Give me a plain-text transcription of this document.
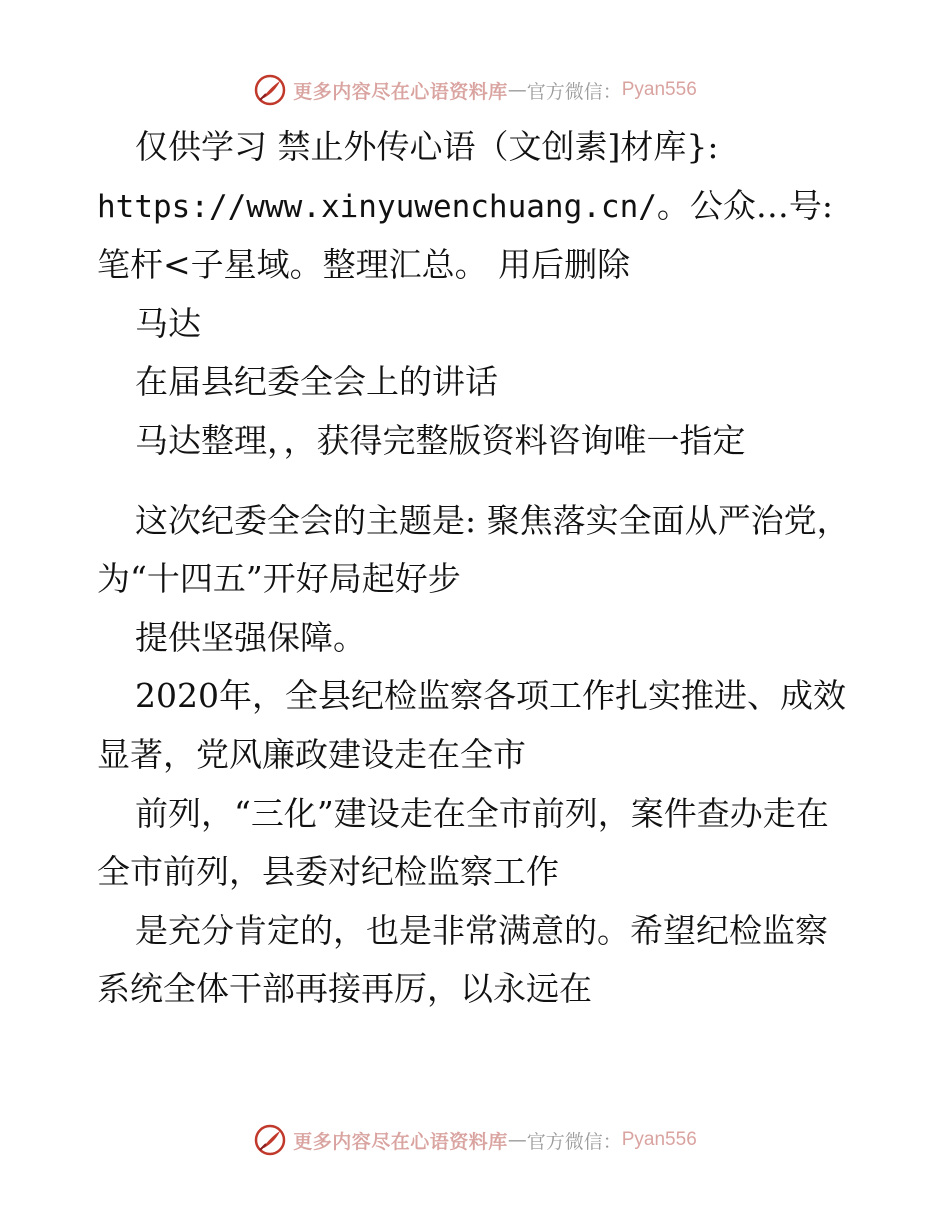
更多内容尽在心语资料库 — 官方微信： Pyan556

仅供学习 禁止外传心语（文创素]材库}:
https://www.xinyuwenchuang.cn/。公众…号: 笔杆<子星域。整理汇总。 用后删除

马达

在届县纪委全会上的讲话

马达整理，，获得完整版资料咨询唯一指定

这次纪委全会的主题是: 聚焦落实全面从严治党，为“十四五”开好局起好步

提供坚强保障。

2020年，全县纪检监察各项工作扎实推进、成效显著，党风廉政建设走在全市

前列，“三化”建设走在全市前列，案件查办走在全市前列，县委对纪检监察工作

是充分肯定的，也是非常满意的。希望纪检监察系统全体干部再接再厉，以永远在

更多内容尽在心语资料库 — 官方微信： Pyan556
